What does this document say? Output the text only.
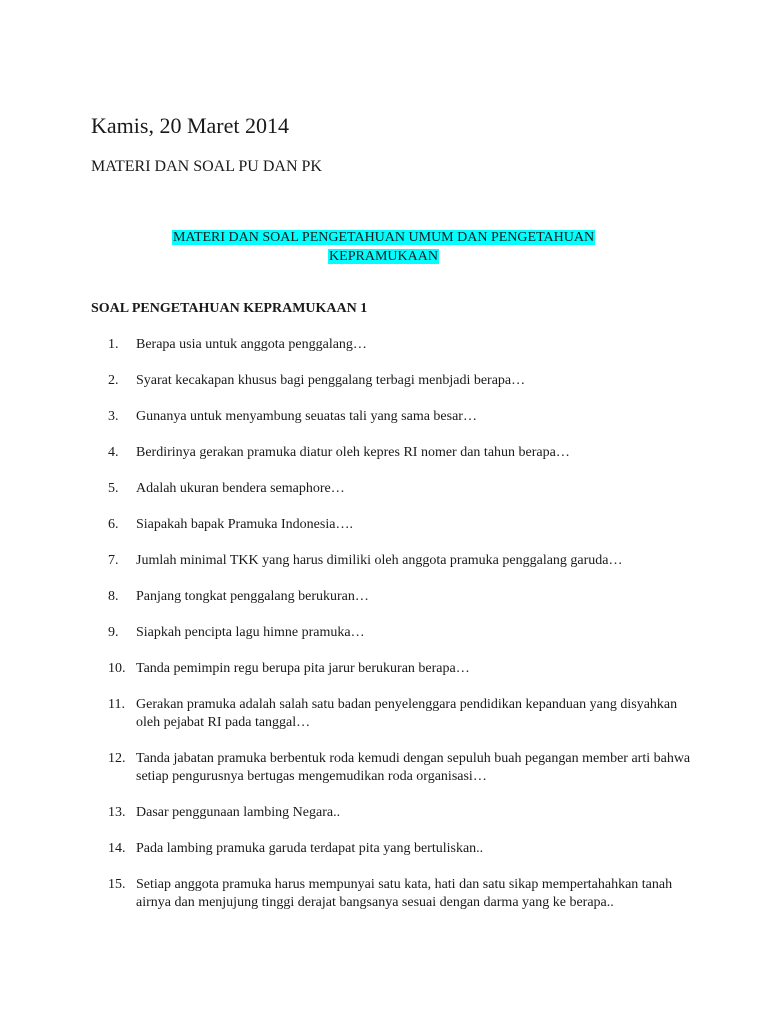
Kamis, 20 Maret 2014
MATERI DAN SOAL PU DAN PK
MATERI DAN SOAL PENGETAHUAN UMUM DAN PENGETAHUAN
KEPRAMUKAAN
SOAL PENGETAHUAN KEPRAMUKAAN 1
1.	Berapa usia untuk anggota penggalang…
2.	Syarat kecakapan khusus bagi penggalang terbagi menbjadi berapa…
3.	Gunanya untuk menyambung seuatas tali yang sama besar…
4.	Berdirinya gerakan pramuka diatur oleh kepres RI nomer dan tahun berapa…
5.	Adalah ukuran bendera semaphore…
6.	Siapakah bapak Pramuka Indonesia….
7.	Jumlah minimal TKK yang harus dimiliki oleh anggota pramuka penggalang garuda…
8.	Panjang tongkat penggalang berukuran…
9.	Siapkah pencipta lagu himne pramuka…
10. Tanda pemimpin regu berupa pita jarur berukuran berapa…
11. Gerakan pramuka adalah salah satu badan penyelenggara pendidikan kepanduan yang disyahkan oleh pejabat RI pada tanggal…
12. Tanda jabatan pramuka berbentuk roda kemudi dengan sepuluh buah pegangan member arti bahwa setiap pengurusnya bertugas mengemudikan roda organisasi…
13. Dasar penggunaan lambing Negara..
14. Pada lambing pramuka garuda terdapat pita yang bertuliskan..
15. Setiap anggota pramuka harus mempunyai satu kata, hati dan satu sikap mempertahahkan tanah airnya dan menjujung tinggi derajat bangsanya sesuai dengan darma yang ke berapa..
